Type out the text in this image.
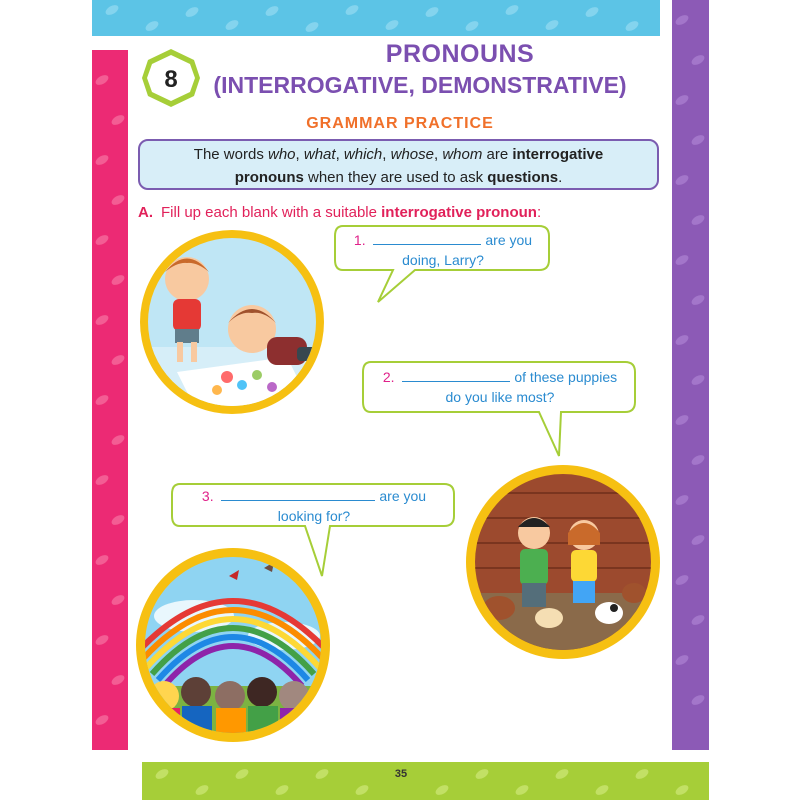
8
PRONOUNS
(INTERROGATIVE, DEMONSTRATIVE)
GRAMMAR PRACTICE
The words who, what, which, whose, whom are interrogative
pronouns when they are used to ask questions.
A. Fill up each blank with a suitable interrogative pronoun:
1.	are you
doing, Larry?
2.	of these puppies
do you like most?
3.	are you
looking for?
35
